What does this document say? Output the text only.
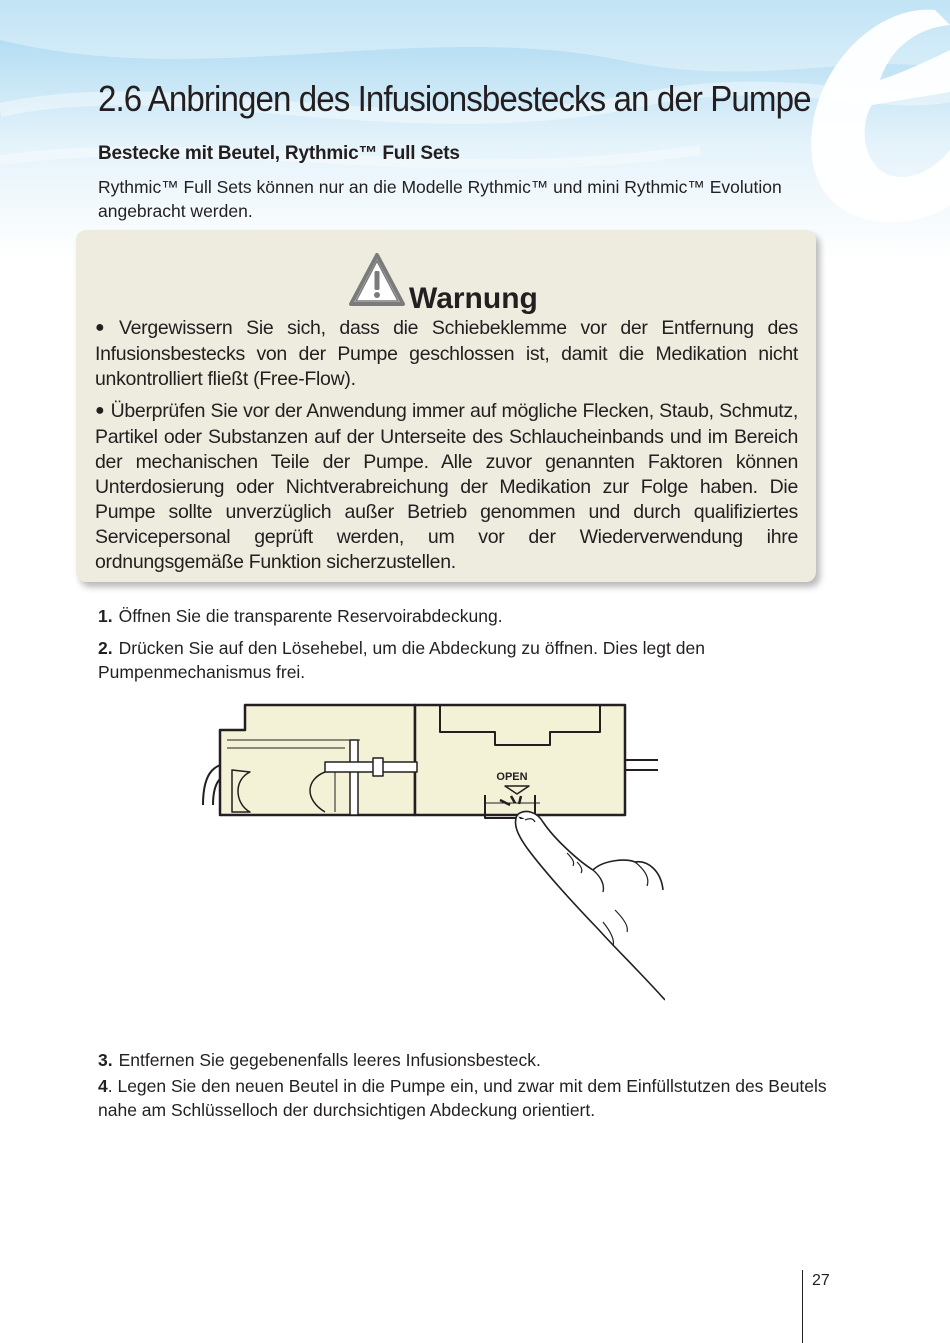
2.6 Anbringen des Infusionsbestecks an der Pumpe
Bestecke mit Beutel, Rythmic™ Full Sets

Rythmic™ Full Sets können nur an die Modelle Rythmic™ und mini Rythmic™ Evolution angebracht werden.

Warnung

● Vergewissern Sie sich, dass die Schiebeklemme vor der Entfernung des Infusionsbestecks von der Pumpe geschlossen ist, damit die Medikation nicht unkontrolliert fließt (Free-Flow).

● Überprüfen Sie vor der Anwendung immer auf mögliche Flecken, Staub, Schmutz, Partikel oder Substanzen auf der Unterseite des Schlaucheinbands und im Bereich der mechanischen Teile der Pumpe. Alle zuvor genannten Faktoren können Unterdosierung oder Nichtverabreichung der Medikation zur Folge haben. Die Pumpe sollte unverzüglich außer Betrieb genommen und durch qualifiziertes Servicepersonal geprüft werden, um vor der Wiederverwendung ihre ordnungsgemäße Funktion sicherzustellen.

1. Öffnen Sie die transparente Reservoirabdeckung.

2. Drücken Sie auf den Lösehebel, um die Abdeckung zu öffnen. Dies legt den Pumpenmechanismus frei.

OPEN

3. Entfernen Sie gegebenenfalls leeres Infusionsbesteck.

4. Legen Sie den neuen Beutel in die Pumpe ein, und zwar mit dem Einfüllstutzen des Beutels nahe am Schlüsselloch der durchsichtigen Abdeckung orientiert.

27
